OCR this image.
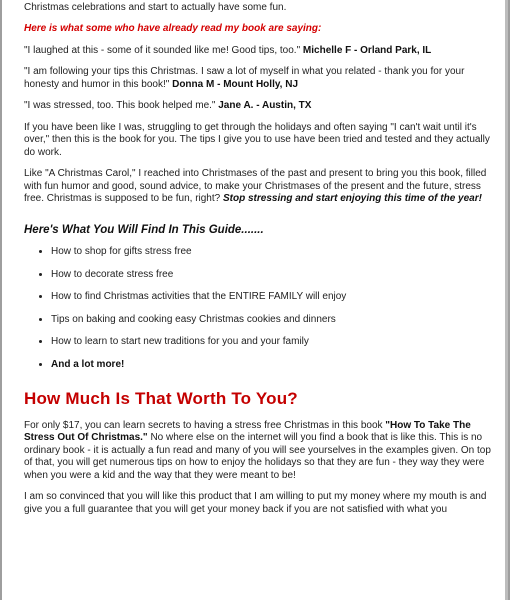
Christmas celebrations and start to actually have some fun.

Here is what some who have already read my book are saying:

"I laughed at this - some of it sounded like me! Good tips, too." Michelle F - Orland Park, IL

"I am following your tips this Christmas. I saw a lot of myself in what you related - thank you for your honesty and humor in this book!" Donna M - Mount Holly, NJ

"I was stressed, too. This book helped me." Jane A. - Austin, TX

If you have been like I was, struggling to get through the holidays and often saying "I can't wait until it's over," then this is the book for you. The tips I give you to use have been tried and tested and they actually do work.

Like "A Christmas Carol," I reached into Christmases of the past and present to bring you this book, filled with fun humor and good, sound advice, to make your Christmases of the present and the future, stress free. Christmas is supposed to be fun, right? Stop stressing and start enjoying this time of the year!

Here's What You Will Find In This Guide.......
• How to shop for gifts stress free
• How to decorate stress free
• How to find Christmas activities that the ENTIRE FAMILY will enjoy
• Tips on baking and cooking easy Christmas cookies and dinners
• How to learn to start new traditions for you and your family
• And a lot more!
How Much Is That Worth To You?

For only $17, you can learn secrets to having a stress free Christmas in this book "How To Take The Stress Out Of Christmas." No where else on the internet will you find a book that is like this. This is no ordinary book - it is actually a fun read and many of you will see yourselves in the examples given. On top of that, you will get numerous tips on how to enjoy the holidays so that they are fun - they way they were when you were a kid and the way that they were meant to be!

I am so convinced that you will like this product that I am willing to put my money where my mouth is and give you a full guarantee that you will get your money back if you are not satisfied with what you
